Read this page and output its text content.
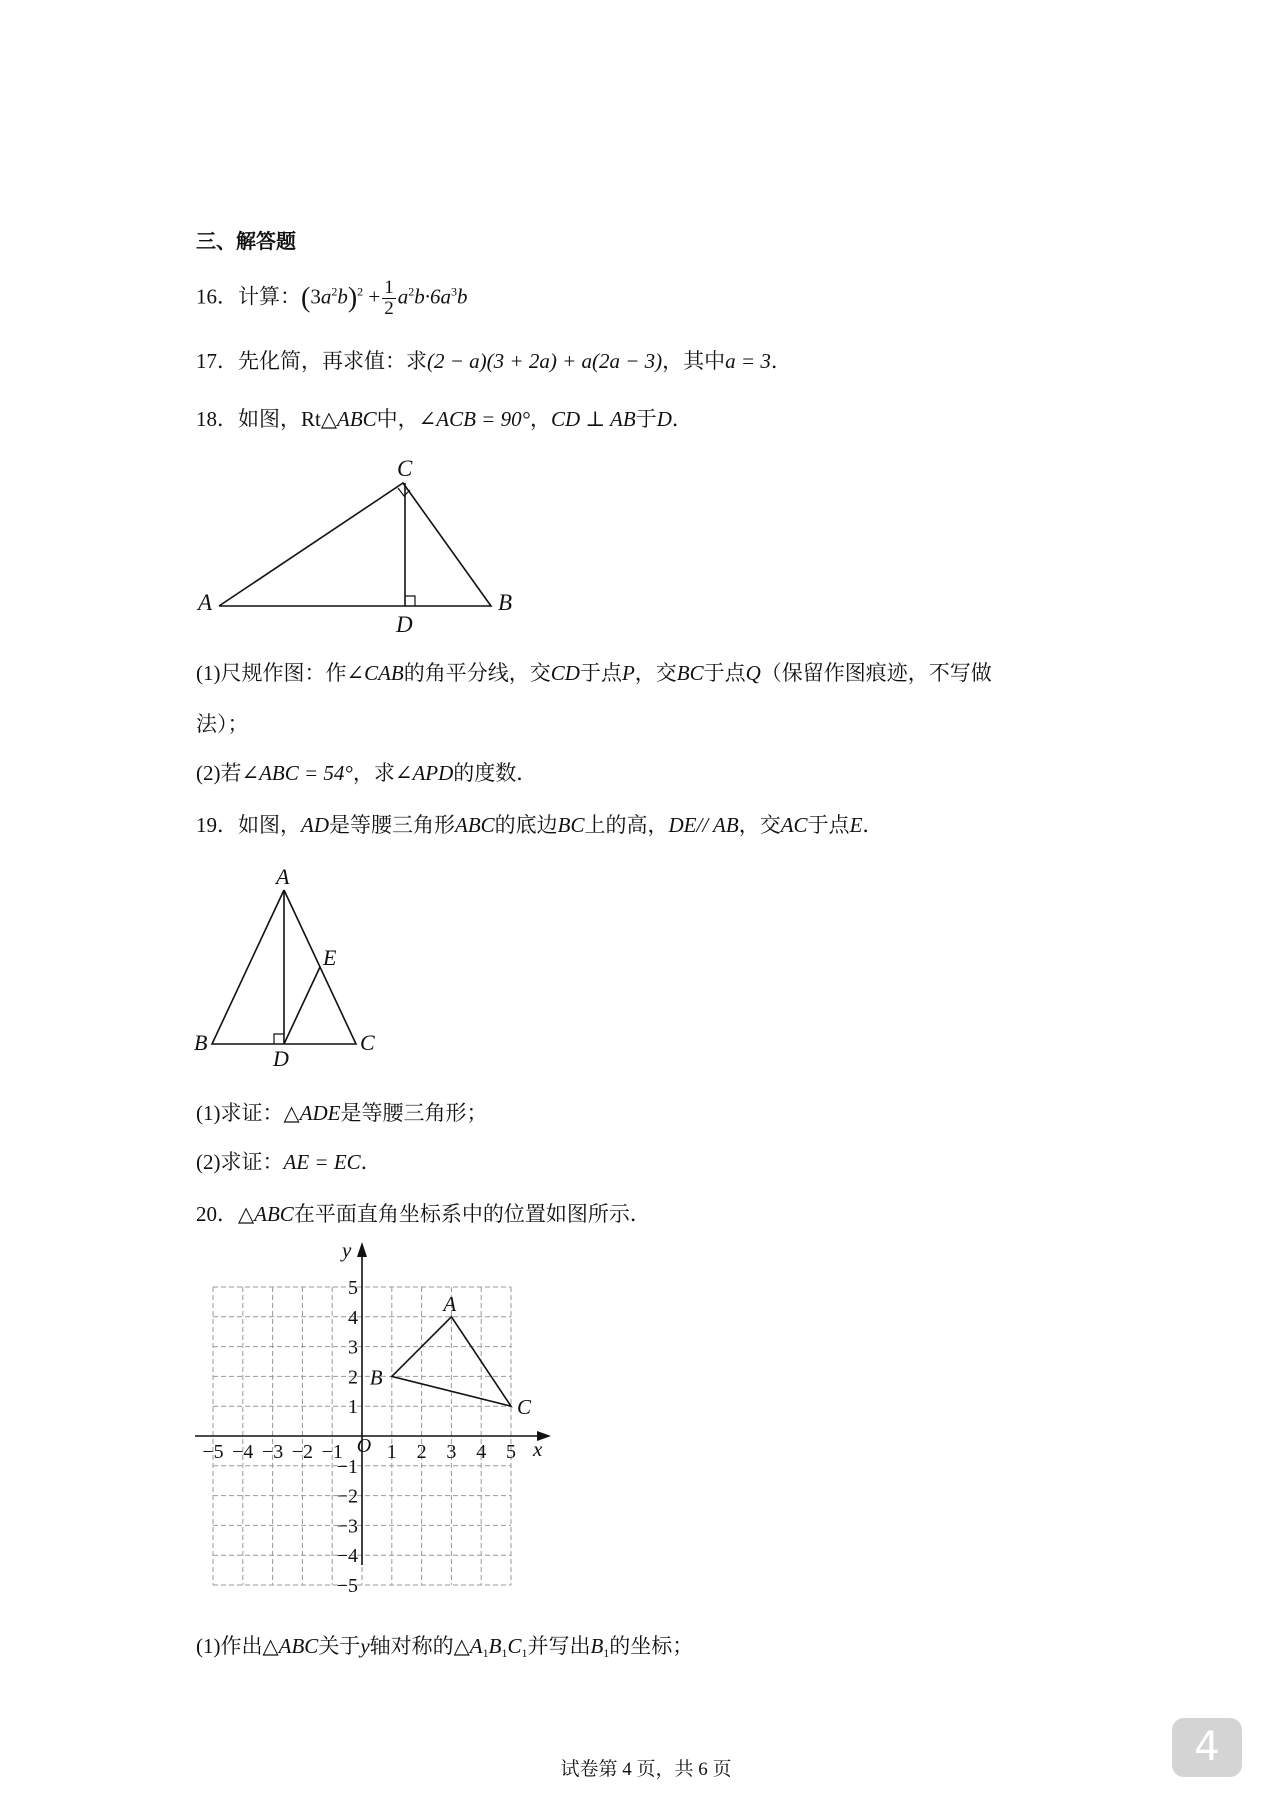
三、解答题
16．计算：$(3a^2b)^2 + \frac{1}{2} a^2b\cdot 6a^3b$
17．先化简，再求值：求(2 − a)(3 + 2a) + a(2a − 3)，其中a = 3．
18．如图，Rt△ABC中，∠ACB = 90°，CD ⊥ AB于D．
C
A	B
D
(1)尺规作图：作∠CAB的角平分线，交CD于点P，交BC于点Q（保留作图痕迹，不写做
法）；
(2)若∠ABC = 54°，求∠APD的度数．
19．如图，AD是等腰三角形ABC的底边BC上的高，DE// AB，交AC于点E．
A
B	C
D
E
(1)求证：△ADE是等腰三角形；
(2)求证：AE = EC．
20．△ABC在平面直角坐标系中的位置如图所示．
−5 −4 −3 −2 −1 1 2 3 4 5
5
4
3
2
1
−1
−2
−3
−4
−5
O	x
y
A
B
C
(1)作出△ABC关于y轴对称的$\triangle A_1B_1C_1$并写出$B_1$的坐标；
试卷第 4 页，共 6 页	4
